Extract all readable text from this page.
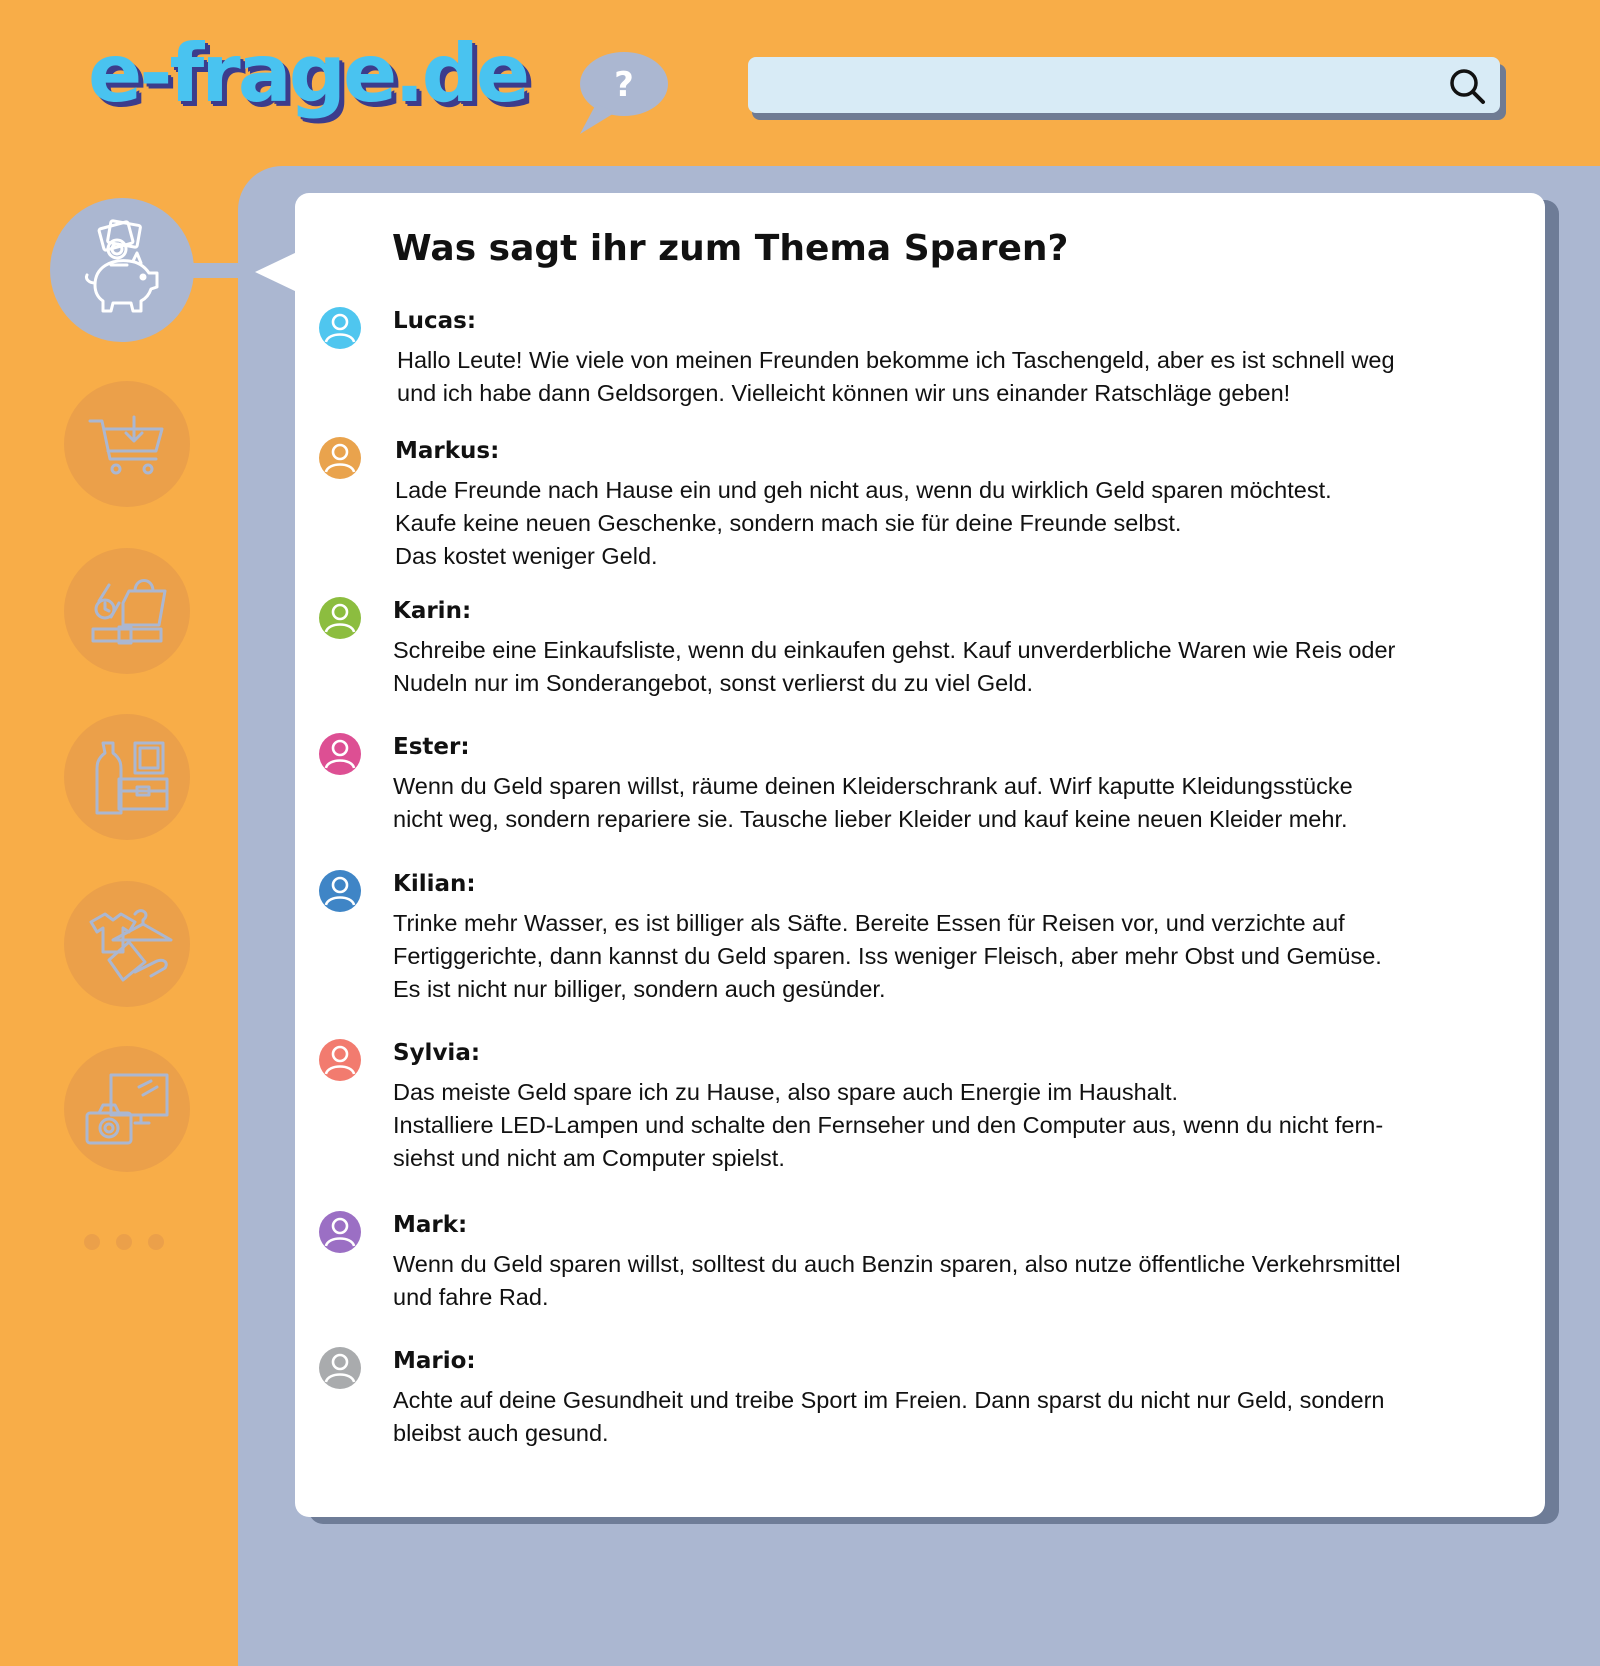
e-frage.de	?
Was sagt ihr zum Thema Sparen?
Lucas:
Hallo Leute! Wie viele von meinen Freunden bekomme ich Taschengeld, aber es ist schnell weg
und ich habe dann Geldsorgen. Vielleicht können wir uns einander Ratschläge geben!
Markus:
Lade Freunde nach Hause ein und geh nicht aus, wenn du wirklich Geld sparen möchtest.
Kaufe keine neuen Geschenke, sondern mach sie für deine Freunde selbst.
Das kostet weniger Geld.
Karin:
Schreibe eine Einkaufsliste, wenn du einkaufen gehst. Kauf unverderbliche Waren wie Reis oder
Nudeln nur im Sonderangebot, sonst verlierst du zu viel Geld.
Ester:
Wenn du Geld sparen willst, räume deinen Kleiderschrank auf. Wirf kaputte Kleidungsstücke
nicht weg, sondern repariere sie. Tausche lieber Kleider und kauf keine neuen Kleider mehr.
Kilian:
Trinke mehr Wasser, es ist billiger als Säfte. Bereite Essen für Reisen vor, und verzichte auf
Fertiggerichte, dann kannst du Geld sparen. Iss weniger Fleisch, aber mehr Obst und Gemüse.
Es ist nicht nur billiger, sondern auch gesünder.
Sylvia:
Das meiste Geld spare ich zu Hause, also spare auch Energie im Haushalt.
Installiere LED-Lampen und schalte den Fernseher und den Computer aus, wenn du nicht fern-
siehst und nicht am Computer spielst.
Mark:
Wenn du Geld sparen willst, solltest du auch Benzin sparen, also nutze öffentliche Verkehrsmittel
und fahre Rad.
Mario:
Achte auf deine Gesundheit und treibe Sport im Freien. Dann sparst du nicht nur Geld, sondern
bleibst auch gesund.
